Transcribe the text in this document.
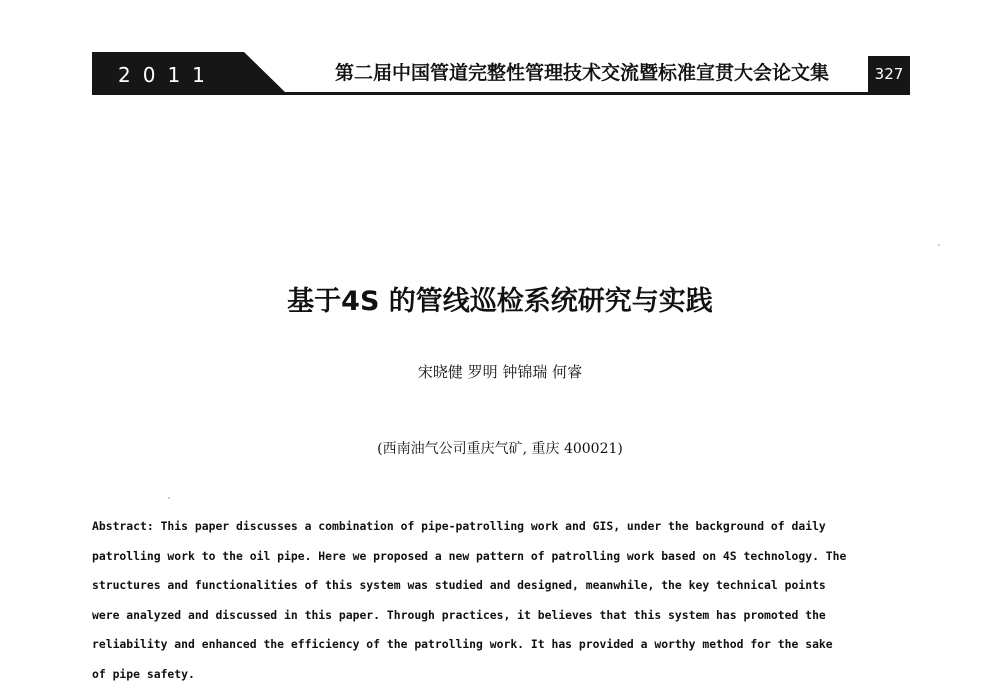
2011	第二届中国管道完整性管理技术交流暨标准宣贯大会论文集	327
基于4S 的管线巡检系统研究与实践
宋晓健 罗明 钟锦瑞 何睿
(西南油气公司重庆气矿, 重庆 400021)
Abstract: This paper discusses a combination of pipe-patrolling work and GIS, under the background of daily
patrolling work to the oil pipe. Here we proposed a new pattern of patrolling work based on 4S technology. The
structures and functionalities of this system was studied and designed, meanwhile, the key technical points
were analyzed and discussed in this paper. Through practices, it believes that this system has promoted the
reliability and enhanced the efficiency of the patrolling work. It has provided a worthy method for the sake
of pipe safety.
